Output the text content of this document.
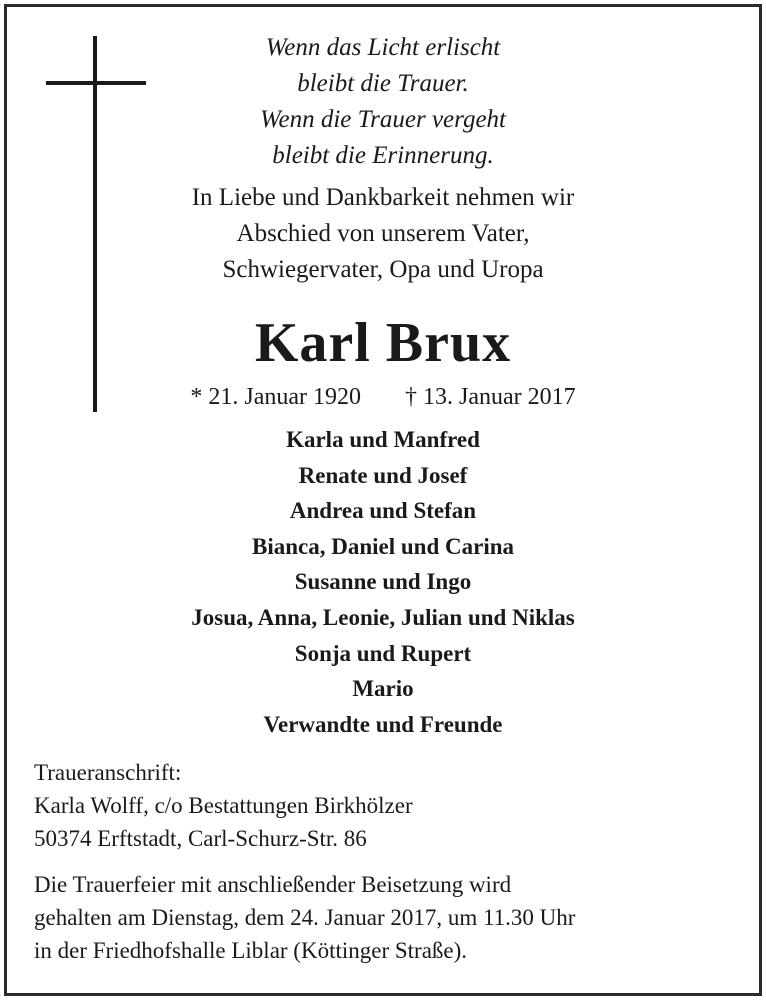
Wenn das Licht erlischt
bleibt die Trauer.
Wenn die Trauer vergeht
bleibt die Erinnerung.
In Liebe und Dankbarkeit nehmen wir
Abschied von unserem Vater,
Schwiegervater, Opa und Uropa
Karl Brux
* 21. Januar 1920 † 13. Januar 2017
Karla und Manfred
Renate und Josef
Andrea und Stefan
Bianca, Daniel und Carina
Susanne und Ingo
Josua, Anna, Leonie, Julian und Niklas
Sonja und Rupert
Mario
Verwandte und Freunde
Traueranschrift:
Karla Wolff, c/o Bestattungen Birkhölzer
50374 Erftstadt, Carl-Schurz-Str. 86
Die Trauerfeier mit anschließender Beisetzung wird
gehalten am Dienstag, dem 24. Januar 2017, um 11.30 Uhr
in der Friedhofshalle Liblar (Köttinger Straße).
